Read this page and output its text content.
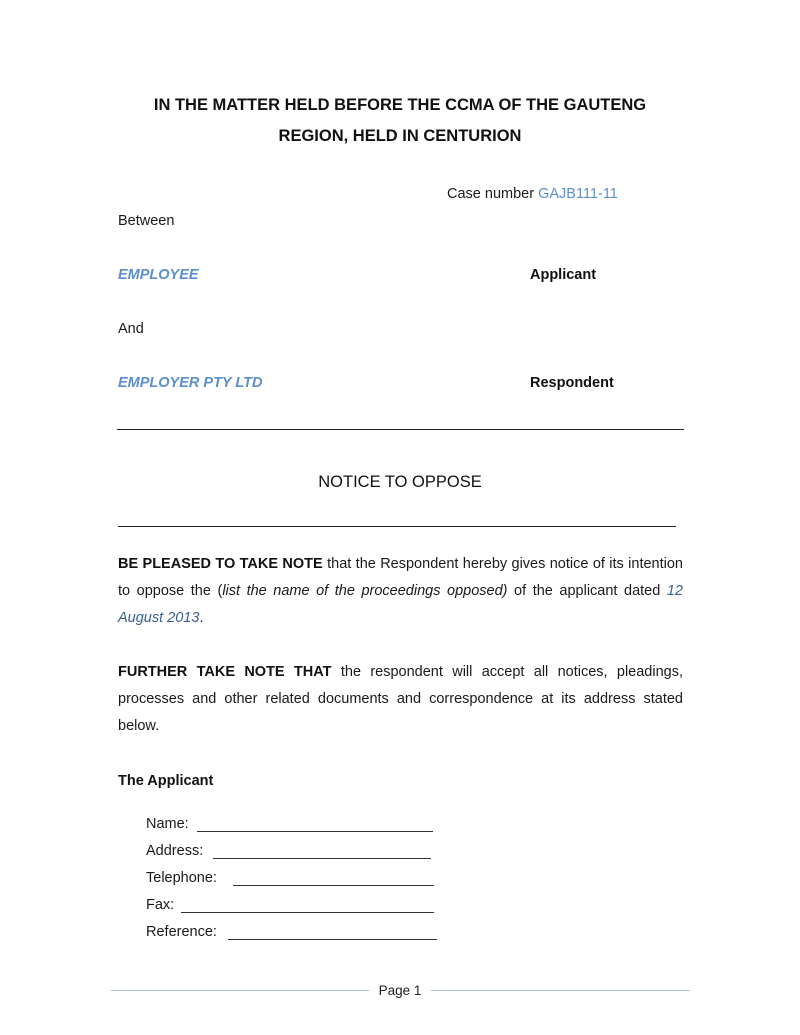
IN THE MATTER HELD BEFORE THE CCMA OF THE GAUTENG
REGION, HELD IN CENTURION
Case number GAJB111-11
Between
EMPLOYEE	Applicant
And
EMPLOYER PTY LTD	Respondent
NOTICE TO OPPOSE
BE PLEASED TO TAKE NOTE that the Respondent hereby gives notice of its intention to oppose the (list the name of the proceedings opposed) of the applicant dated 12 August 2013.
FURTHER TAKE NOTE THAT the respondent will accept all notices, pleadings, processes and other related documents and correspondence at its address stated below.
The Applicant
Name:
Address:
Telephone:
Fax:
Reference:
Page 1
